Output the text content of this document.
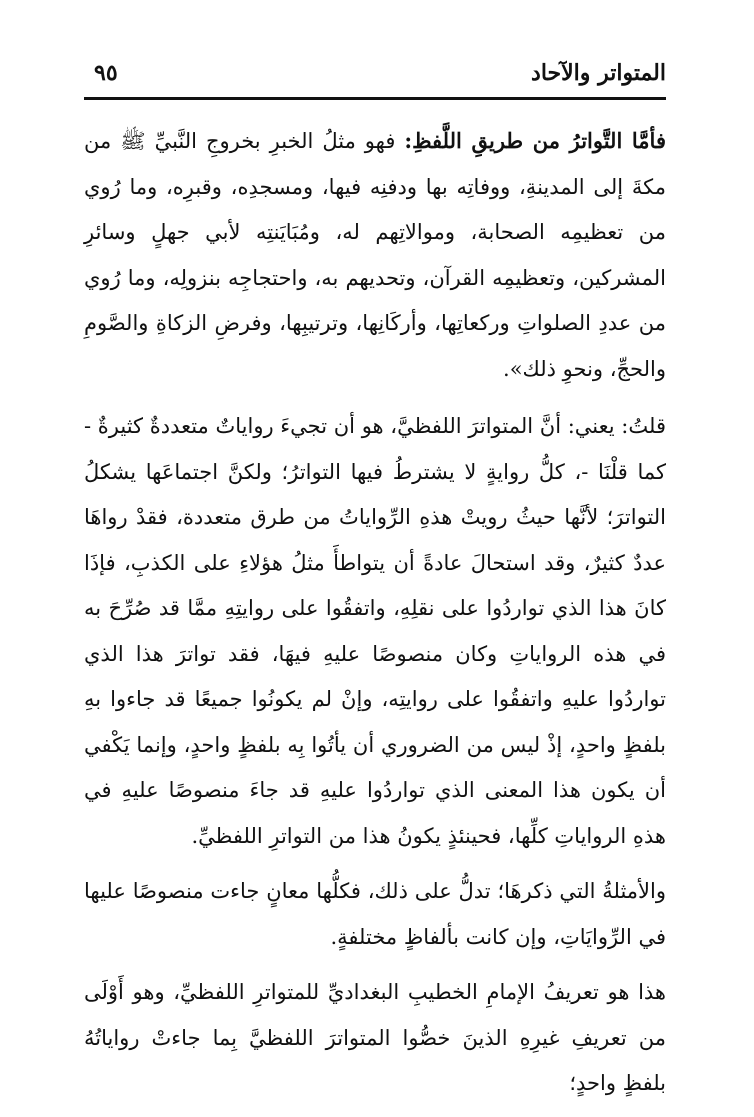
المتواتر والآحاد
٩٥

فأمَّا التَّواترُ من طريقِ اللَّفظِ: فهو مثلُ الخبرِ بخروجِ النَّبيِّ ﷺ من مكةَ إلى المدينةِ، ووفاتِه بها ودفنِه فيها، ومسجدِه، وقبرِه، وما رُوي من تعظيمِه الصحابة، وموالاتِهم له، ومُبَايَنتِه لأبي جهلٍ وسائرِ المشركين، وتعظيمِه القرآن، وتحديهم به، واحتجاجِه بنزولِه، وما رُوي من عددِ الصلواتِ وركعاتِها، وأركَانِها، وترتيبِها، وفرضِ الزكاةِ والصَّومِ والحجِّ، ونحوِ ذلك».

قلتُ: يعني: أنَّ المتواترَ اللفظيَّ، هو أن تجيءَ رواياتٌ متعددةٌ كثيرةٌ - كما قلْنَا -، كلُّ روايةٍ لا يشترطُ فيها التواترُ؛ ولكنَّ اجتماعَها يشكلُ التواترَ؛ لأنَّها حيثُ رويتْ هذهِ الرِّواياتُ من طرق متعددة، فقدْ رواهَا عددٌ كثيرٌ، وقد استحالَ عادةً أن يتواطأَ مثلُ هؤلاءِ على الكذبِ، فإذَا كانَ هذا الذي تواردُوا على نقلِهِ، واتفقُوا على روايتِهِ ممَّا قد صُرِّحَ به في هذه الرواياتِ وكان منصوصًا عليهِ فيهَا، فقد تواترَ هذا الذي تواردُوا عليهِ واتفقُوا على روايتِه، وإنْ لم يكونُوا جميعًا قد جاءوا بهِ بلفظٍ واحدٍ، إذْ ليس من الضروري أن يأتُوا بِه بلفظٍ واحدٍ، وإنما يَكْفي أن يكون هذا المعنى الذي تواردُوا عليهِ قد جاءَ منصوصًا عليهِ في هذهِ الرواياتِ كلِّها، فحينئذٍ يكونُ هذا من التواترِ اللفظيِّ.

والأمثلةُ التي ذكرهَا؛ تدلُّ على ذلك، فكلُّها معانٍ جاءت منصوصًا عليها في الرِّوايَاتِ، وإن كانت بألفاظٍ مختلفةٍ.

هذا هو تعريفُ الإمامِ الخطيبِ البغداديِّ للمتواترِ اللفظيِّ، وهو أَوْلَى من تعريفِ غيرِهِ الذينَ خصُّوا المتواترَ اللفظيَّ بِما جاءتْ رواياتُهُ بلفظٍ واحدٍ؛
